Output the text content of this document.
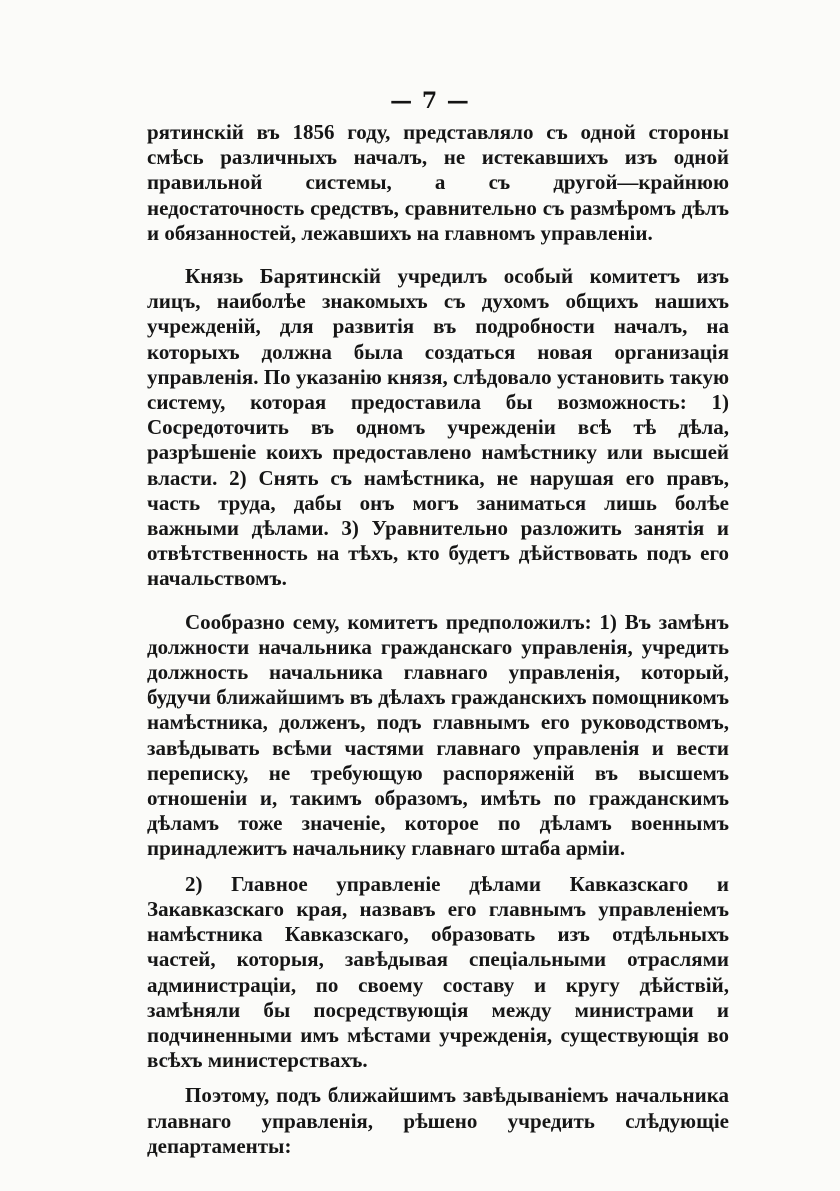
— 7 —

рятинскій въ 1856 году, представляло съ одной стороны смѣсь различныхъ началъ, не истекавшихъ изъ одной правильной системы, а съ другой—крайнюю недостаточность средствъ, сравнительно съ размѣромъ дѣлъ и обязанностей, лежавшихъ на главномъ управленіи.

Князь Барятинскій учредилъ особый комитетъ изъ лицъ, наиболѣе знакомыхъ съ духомъ общихъ нашихъ учрежденій, для развитія въ подробности началъ, на которыхъ должна была создаться новая организація управленія. По указанію князя, слѣдовало установить такую систему, которая предоставила бы возможность: 1) Сосредоточить въ одномъ учрежденіи всѣ тѣ дѣла, разрѣшеніе коихъ предоставлено намѣстнику или высшей власти. 2) Снять съ намѣстника, не нарушая его правъ, часть труда, дабы онъ могъ заниматься лишь болѣе важными дѣлами. 3) Уравнительно разложить занятія и отвѣтственность на тѣхъ, кто будетъ дѣйствовать подъ его начальствомъ.

Сообразно сему, комитетъ предположилъ: 1) Въ замѣнъ должности начальника гражданскаго управленія, учредить должность начальника главнаго управленія, который, будучи ближайшимъ въ дѣлахъ гражданскихъ помощникомъ намѣстника, долженъ, подъ главнымъ его руководствомъ, завѣдывать всѣми частями главнаго управленія и вести переписку, не требующую распоряженій въ высшемъ отношеніи и, такимъ образомъ, имѣть по гражданскимъ дѣламъ тоже значеніе, которое по дѣламъ военнымъ принадлежитъ начальнику главнаго штаба арміи.

2) Главное управленіе дѣлами Кавказскаго и Закавказскаго края, назвавъ его главнымъ управленіемъ намѣстника Кавказскаго, образовать изъ отдѣльныхъ частей, которыя, завѣдывая спеціальными отраслями администраціи, по своему составу и кругу дѣйствій, замѣняли бы посредствующія между министрами и подчиненными имъ мѣстами учрежденія, существующія во всѣхъ министерствахъ.

Поэтому, подъ ближайшимъ завѣдываніемъ начальника главнаго управленія, рѣшено учредить слѣдующіе департаменты:
